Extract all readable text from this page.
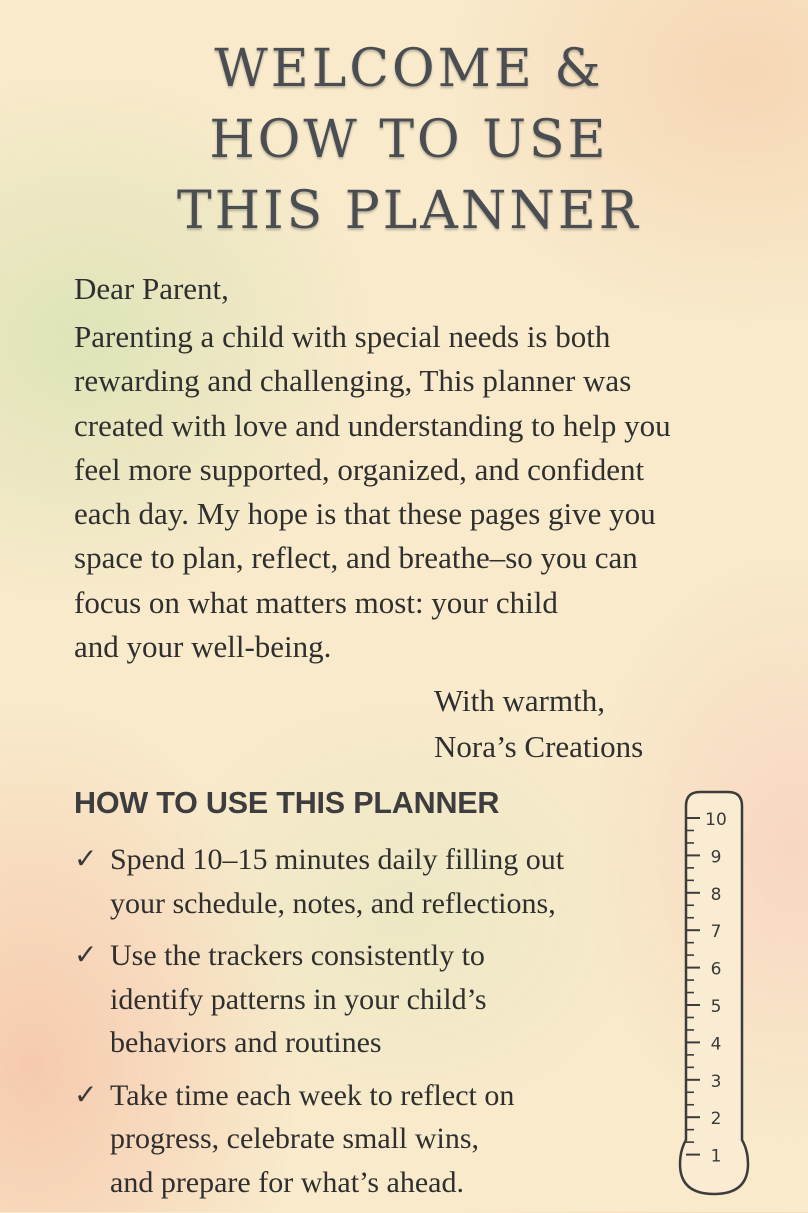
WELCOME &
HOW TO USE
THIS PLANNER

Dear Parent,

Parenting a child with special needs is both
rewarding and challenging, This planner was
created with love and understanding to help you
feel more supported, organized, and confident
each day. My hope is that these pages give you
space to plan, reflect, and breathe–so you can
focus on what matters most: your child
and your well-being.

With warmth,
Nora’s Creations
HOW TO USE THIS PLANNER
✓ Spend 10–15 minutes daily filling out
your schedule, notes, and reflections,
✓ Use the trackers consistently to
identify patterns in your child’s
behaviors and routines
✓ Take time each week to reflect on
progress, celebrate small wins,
and prepare for what’s ahead.
10
9
8
7
6
5
4
3
2
1
